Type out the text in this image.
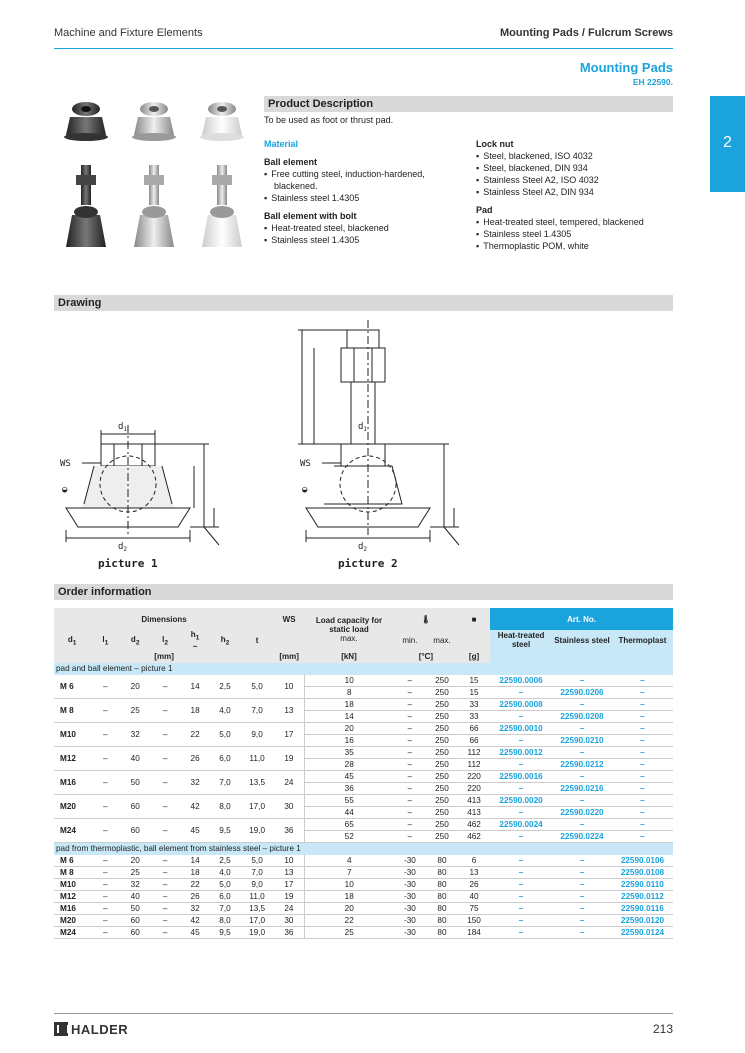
Machine and Fixture Elements	Mounting Pads / Fulcrum Screws
Mounting Pads
EH 22590.
2
Product Description
To be used as foot or thrust pad.
Material
Ball element
▪ Free cutting steel, induction-hardened,
blackened.
▪ Stainless steel 1.4305
Ball element with bolt
▪ Heat-treated steel, blackened
▪ Stainless steel 1.4305
Lock nut
▪ Steel, blackened, ISO 4032
▪ Steel, blackened, DIN 934
▪ Stainless Steel A2, ISO 4032
▪ Stainless Steel A2, DIN 934
Pad
▪ Heat-treated steel, tempered, blackened
▪ Stainless steel 1.4305
▪ Thermoplastic POM, white
Drawing
$d_1$
$d_2$
WS
◒
picture 1
$d_1$
$d_2$
WS
◒
picture 2
Order information
Dimensions							WS	Load capacity for static load
max.	🌡		■	Art. No.		
$d_1$	$l_1$	$d_2$	$l_2$	$h_1$
~	$h_2$	t			min.	max.		Heat-treated steel	Stainless steel	Thermoplast
[mm]							[mm]	[kN]	[°C]		[g]			
pad and ball element – picture 1														
M 6	–	20	–	14	2,5	5,0	10	10	–	250	15	22590.0006	–	–
								8	–	250	15	–	22590.0206	–
M 8	–	25	–	18	4,0	7,0	13	18	–	250	33	22590.0008	–	–
								14	–	250	33	–	22590.0208	–
M10	–	32	–	22	5,0	9,0	17	20	–	250	66	22590.0010	–	–
								16	–	250	66	–	22590.0210	–
M12	–	40	–	26	6,0	11,0	19	35	–	250	112	22590.0012	–	–
								28	–	250	112	–	22590.0212	–
M16	–	50	–	32	7,0	13,5	24	45	–	250	220	22590.0016	–	–
								36	–	250	220	–	22590.0216	–
M20	–	60	–	42	8,0	17,0	30	55	–	250	413	22590.0020	–	–
								44	–	250	413	–	22590.0220	–
M24	–	60	–	45	9,5	19,0	36	65	–	250	462	22590.0024	–	–
								52	–	250	462	–	22590.0224	–
pad from thermoplastic, ball element from stainless steel – picture 1														
M 6	–	20	–	14	2,5	5,0	10	4	-30	80	6	–	–	22590.0106
M 8	–	25	–	18	4,0	7,0	13	7	-30	80	13	–	–	22590.0108
M10	–	32	–	22	5,0	9,0	17	10	-30	80	26	–	–	22590.0110
M12	–	40	–	26	6,0	11,0	19	18	-30	80	40	–	–	22590.0112
M16	–	50	–	32	7,0	13,5	24	20	-30	80	75	–	–	22590.0116
M20	–	60	–	42	8,0	17,0	30	22	-30	80	150	–	–	22590.0120
M24	–	60	–	45	9,5	19,0	36	25	-30	80	184	–	–	22590.0124
HALDER	213
